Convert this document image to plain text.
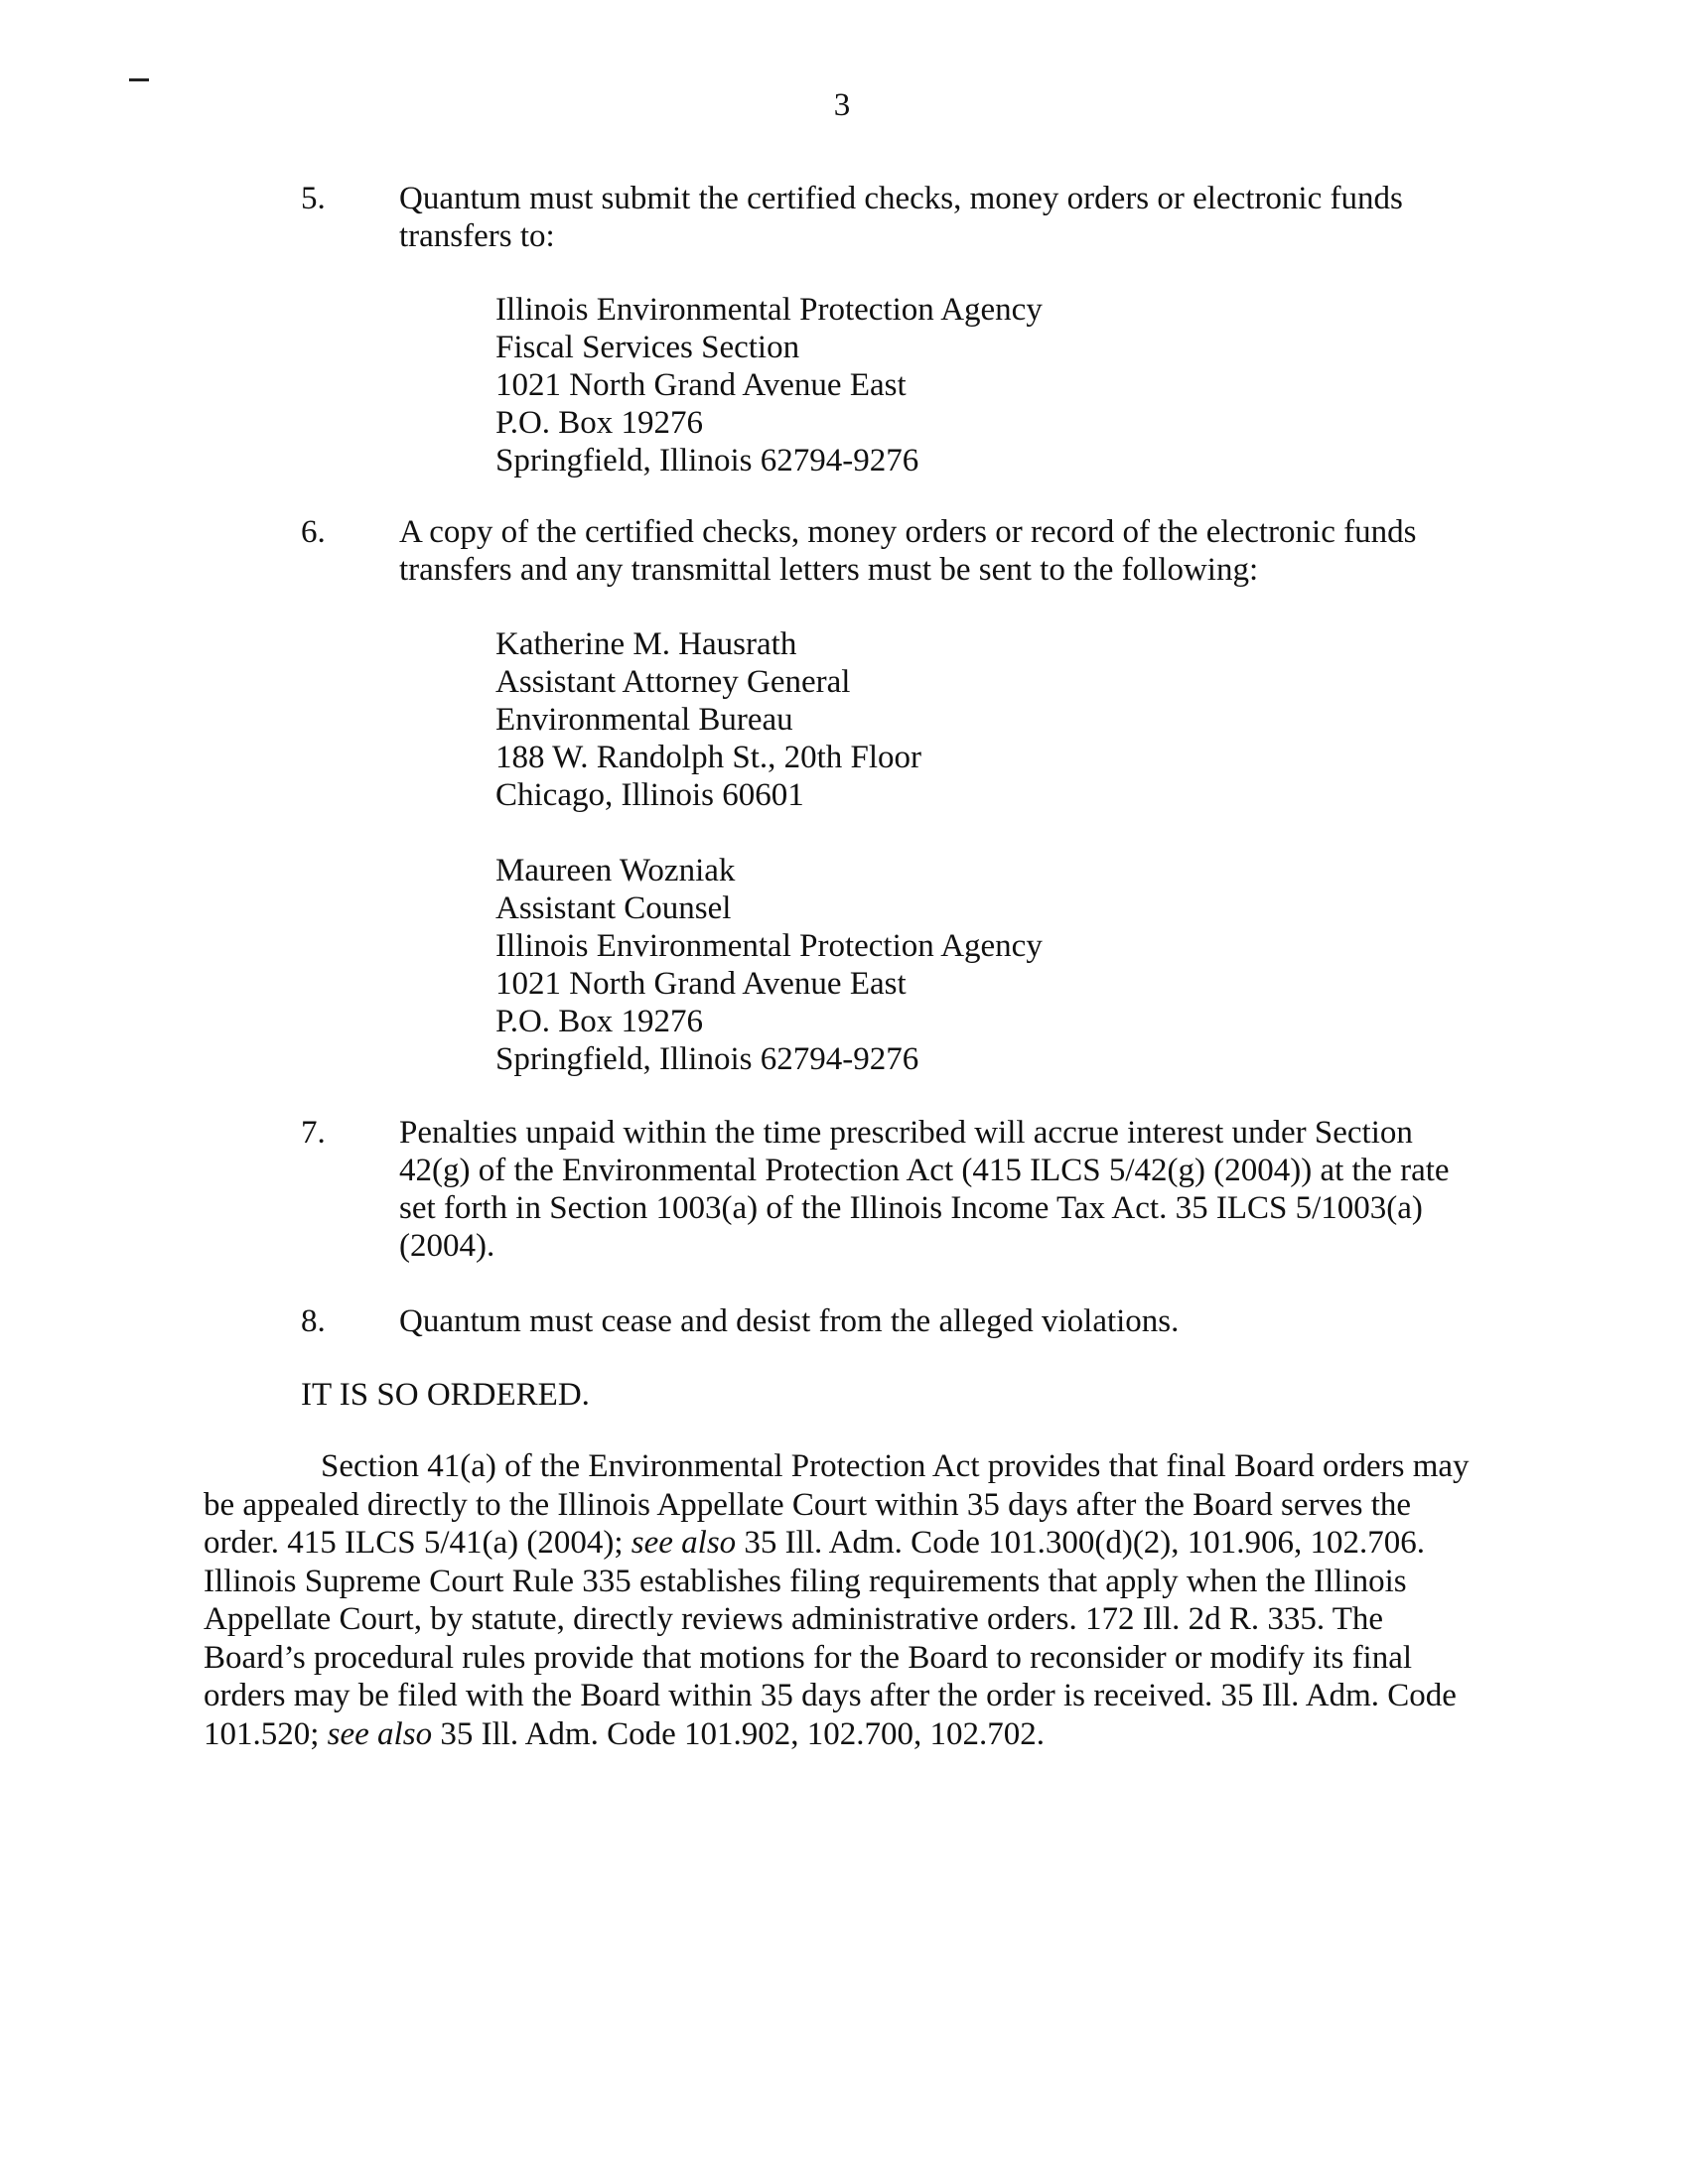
3
5.	Quantum must submit the certified checks, money orders or electronic funds
transfers to:
Illinois Environmental Protection Agency
Fiscal Services Section
1021 North Grand Avenue East
P.O. Box 19276
Springfield, Illinois 62794-9276
6.	A copy of the certified checks, money orders or record of the electronic funds
transfers and any transmittal letters must be sent to the following:
Katherine M. Hausrath
Assistant Attorney General
Environmental Bureau
188 W. Randolph St., 20th Floor
Chicago, Illinois 60601
Maureen Wozniak
Assistant Counsel
Illinois Environmental Protection Agency
1021 North Grand Avenue East
P.O. Box 19276
Springfield, Illinois 62794-9276
7.	Penalties unpaid within the time prescribed will accrue interest under Section
42(g) of the Environmental Protection Act (415 ILCS 5/42(g) (2004)) at the rate
set forth in Section 1003(a) of the Illinois Income Tax Act. 35 ILCS 5/1003(a)
(2004).
8.	Quantum must cease and desist from the alleged violations.
IT IS SO ORDERED.
Section 41(a) of the Environmental Protection Act provides that final Board orders may
be appealed directly to the Illinois Appellate Court within 35 days after the Board serves the
order. 415 ILCS 5/41(a) (2004); see also 35 Ill. Adm. Code 101.300(d)(2), 101.906, 102.706.
Illinois Supreme Court Rule 335 establishes filing requirements that apply when the Illinois
Appellate Court, by statute, directly reviews administrative orders. 172 Ill. 2d R. 335. The
Board’s procedural rules provide that motions for the Board to reconsider or modify its final
orders may be filed with the Board within 35 days after the order is received. 35 Ill. Adm. Code
101.520; see also 35 Ill. Adm. Code 101.902, 102.700, 102.702.
